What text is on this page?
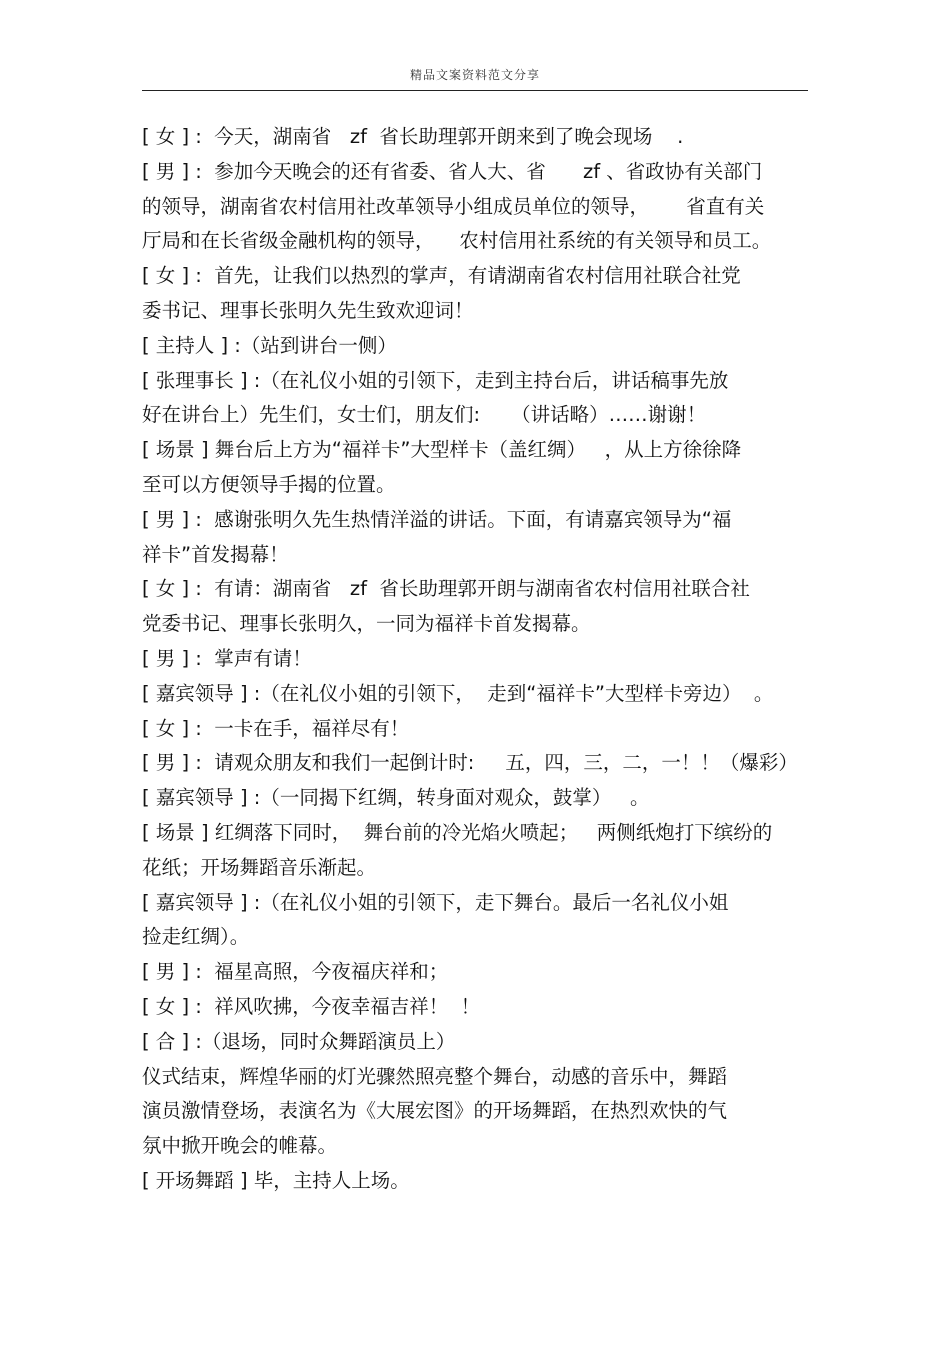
精品文案资料范文分享
[ 女 ] :  今天，湖南省   zf  省长助理郭开朗来到了晚会现场    .
[ 男 ] :  参加今天晚会的还有省委、省人大、省      zf 、省政协有关部门
的领导，湖南省农村信用社改革领导小组成员单位的领导，      省直有关
厅局和在长省级金融机构的领导，    农村信用社系统的有关领导和员工。
[ 女 ] :  首先，让我们以热烈的掌声，有请湖南省农村信用社联合社党
委书记、理事长张明久先生致欢迎词！
[ 主持人 ] :（站到讲台一侧）
[ 张理事长 ] :（在礼仪小姐的引领下，走到主持台后，讲话稿事先放
好在讲台上）先生们，女士们，朋友们:     （讲话略）……谢谢！
[ 场景 ] 舞台后上方为“福祥卡”大型样卡（盖红绸）   ，从上方徐徐降
至可以方便领导手揭的位置。
[ 男 ] :  感谢张明久先生热情洋溢的讲话。下面，有请嘉宾领导为“福
祥卡”首发揭幕！
[ 女 ] :  有请：湖南省   zf  省长助理郭开朗与湖南省农村信用社联合社
党委书记、理事长张明久，一同为福祥卡首发揭幕。
[ 男 ] :  掌声有请！
[ 嘉宾领导 ] :（在礼仪小姐的引领下，  走到“福祥卡”大型样卡旁边）  。
[ 女 ] :  一卡在手，福祥尽有！
[ 男 ] :  请观众朋友和我们一起倒计时:     五，四，三，二，一！！（爆彩）
[ 嘉宾领导 ] :（一同揭下红绸，转身面对观众，鼓掌）   。
[ 场景 ] 红绸落下同时，  舞台前的冷光焰火喷起；   两侧纸炮打下缤纷的
花纸；开场舞蹈音乐渐起。
[ 嘉宾领导 ] :（在礼仪小姐的引领下，走下舞台。最后一名礼仪小姐
捡走红绸）。
[ 男 ] :  福星高照，今夜福庆祥和；
[ 女 ] :  祥风吹拂，今夜幸福吉祥！  ！
[ 合 ] :（退场，同时众舞蹈演员上）
仪式结束，辉煌华丽的灯光骤然照亮整个舞台，动感的音乐中，舞蹈
演员激情登场，表演名为《大展宏图》的开场舞蹈，在热烈欢快的气
氛中掀开晚会的帷幕。
[ 开场舞蹈 ] 毕，主持人上场。
